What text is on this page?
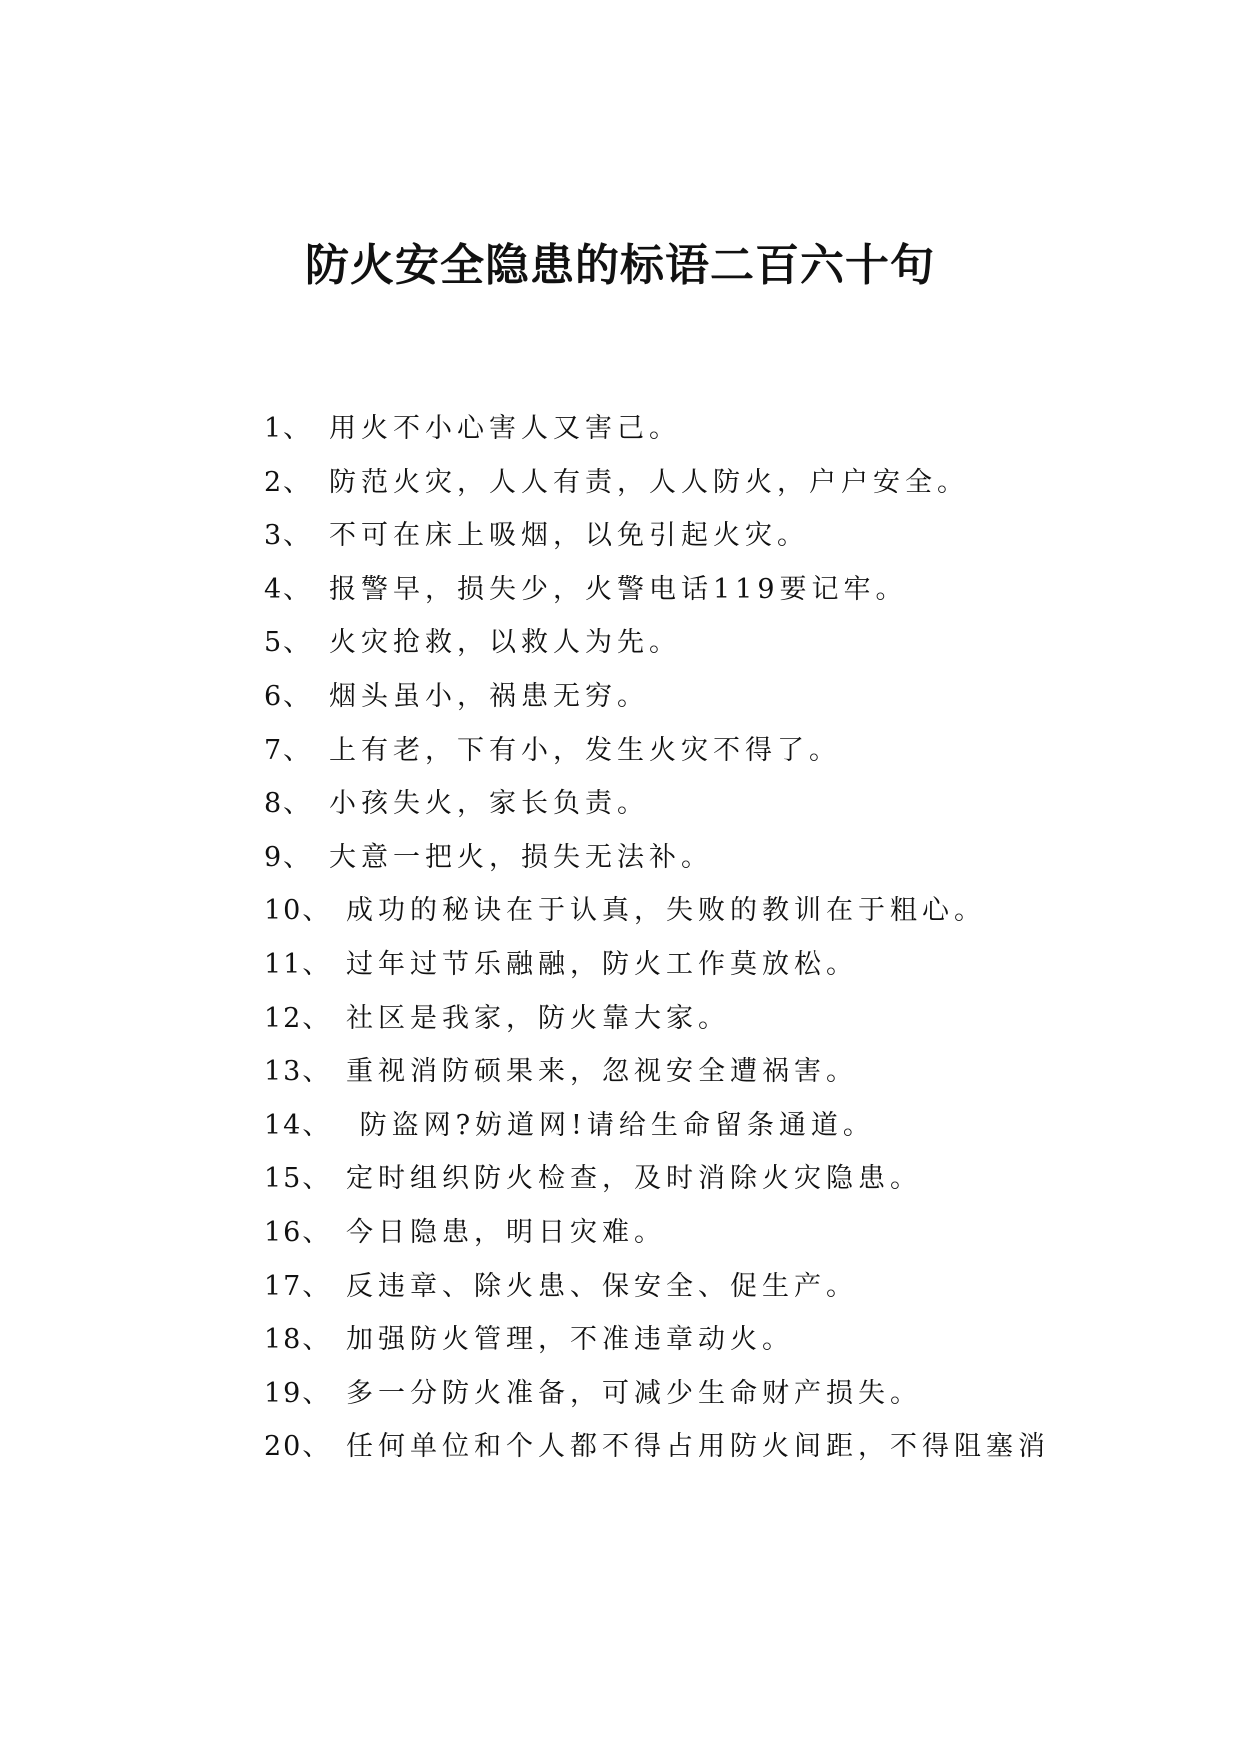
防火安全隐患的标语二百六十句
1、 用火不小心害人又害己。
2、 防范火灾，人人有责，人人防火，户户安全。
3、 不可在床上吸烟，以免引起火灾。
4、 报警早，损失少，火警电话119要记牢。
5、 火灾抢救，以救人为先。
6、 烟头虽小，祸患无穷。
7、 上有老，下有小，发生火灾不得了。
8、 小孩失火，家长负责。
9、 大意一把火，损失无法补。
10、 成功的秘诀在于认真，失败的教训在于粗心。
11、 过年过节乐融融，防火工作莫放松。
12、 社区是我家，防火靠大家。
13、 重视消防硕果来，忽视安全遭祸害。
14、 防盗网?妨道网!请给生命留条通道。
15、 定时组织防火检查，及时消除火灾隐患。
16、 今日隐患，明日灾难。
17、 反违章、除火患、保安全、促生产。
18、 加强防火管理，不准违章动火。
19、 多一分防火准备，可减少生命财产损失。
20、 任何单位和个人都不得占用防火间距，不得阻塞消
